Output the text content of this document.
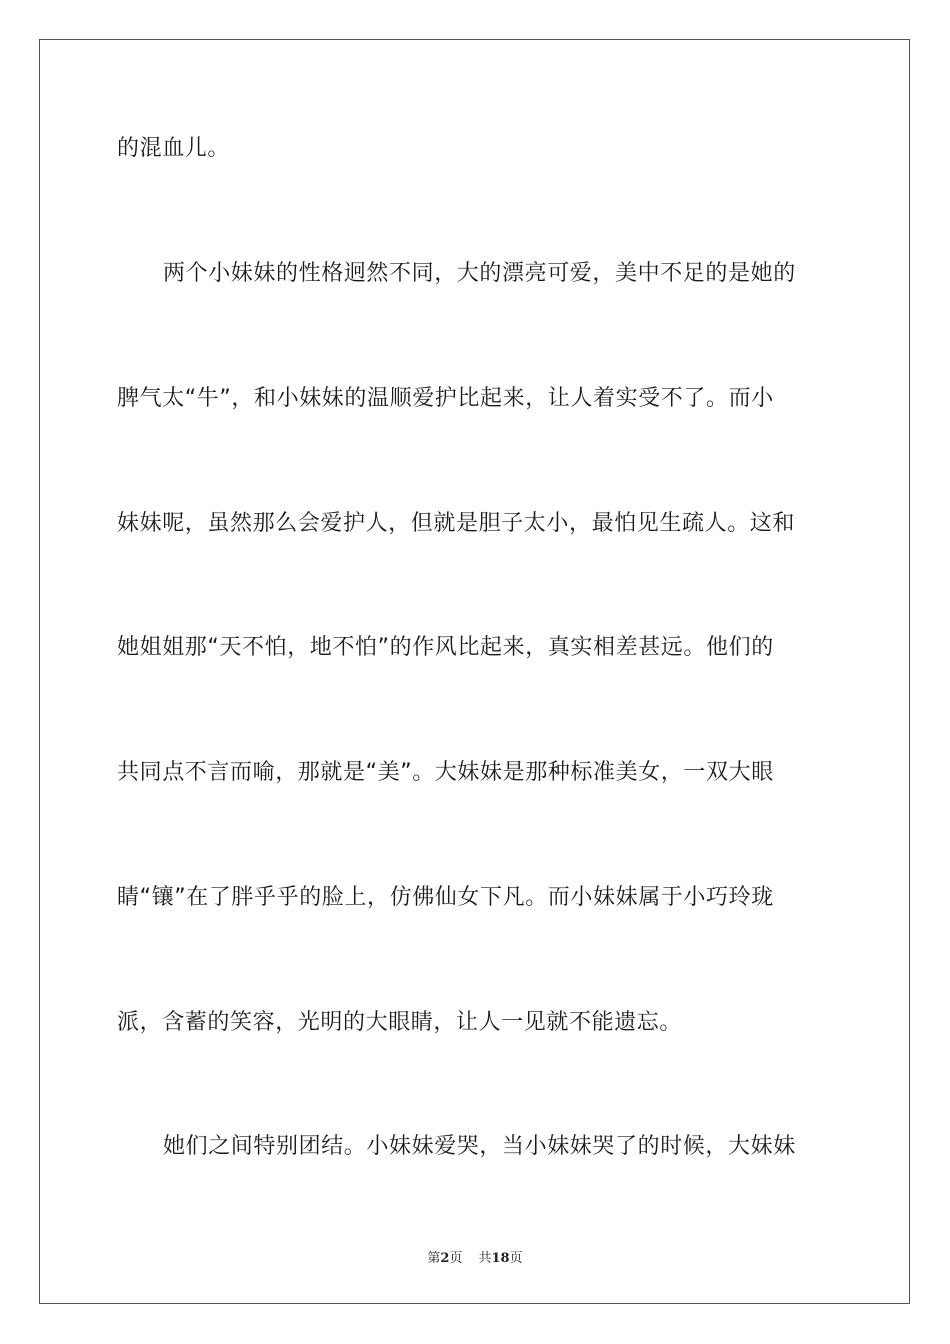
的混血儿。
两个小妹妹的性格迥然不同，大的漂亮可爱，美中不足的是她的
脾气太“牛”，和小妹妹的温顺爱护比起来，让人着实受不了。而小
妹妹呢，虽然那么会爱护人，但就是胆子太小，最怕见生疏人。这和
她姐姐那“天不怕，地不怕”的作风比起来，真实相差甚远。他们的
共同点不言而喻，那就是“美”。大妹妹是那种标准美女，一双大眼
睛“镶”在了胖乎乎的脸上，仿佛仙女下凡。而小妹妹属于小巧玲珑
派，含蓄的笑容，光明的大眼睛，让人一见就不能遗忘。
她们之间特别团结。小妹妹爱哭，当小妹妹哭了的时候，大妹妹
第2页 共18页
